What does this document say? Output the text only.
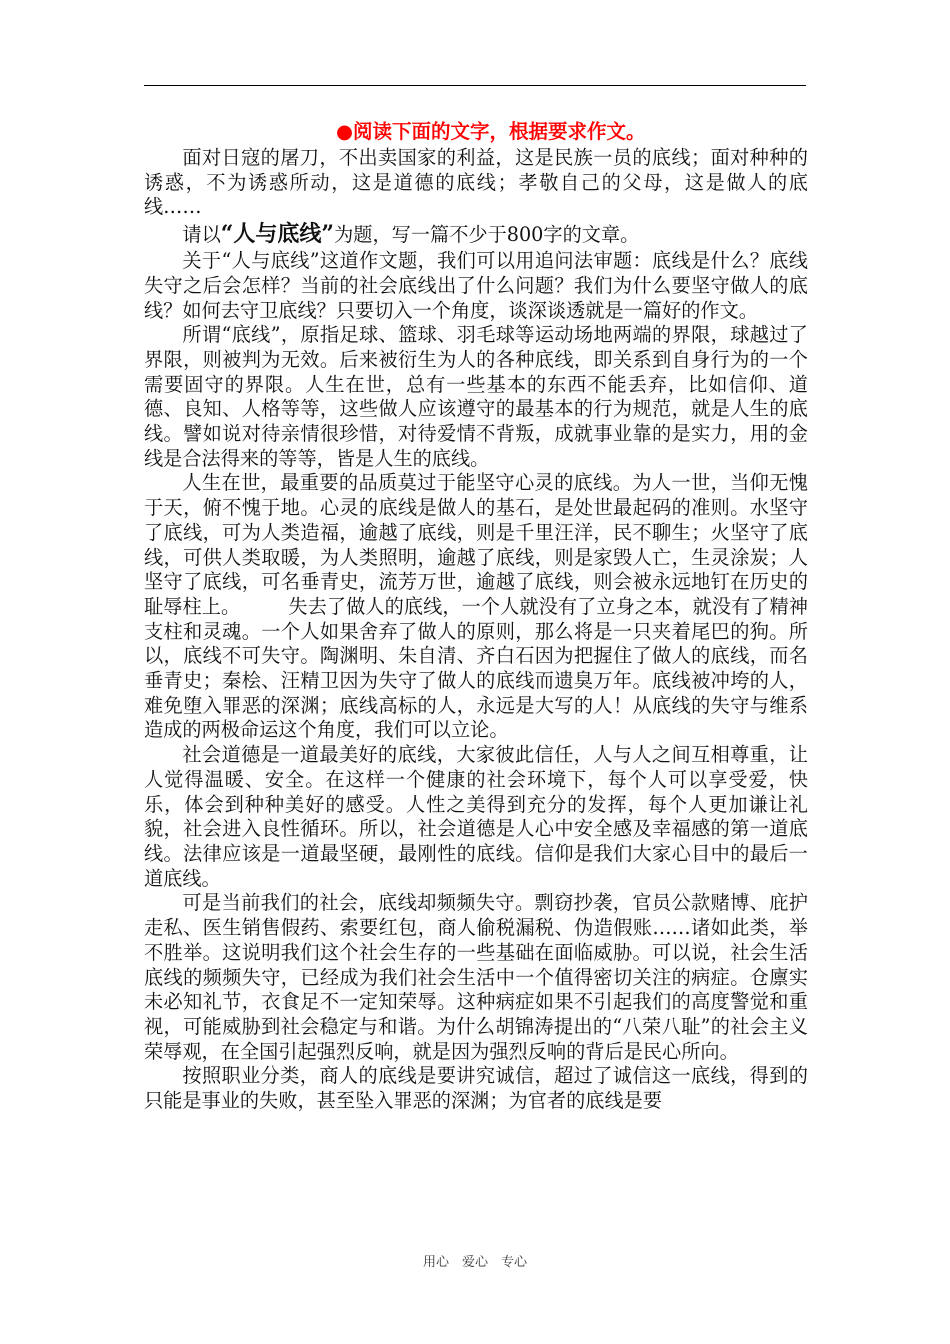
●阅读下面的文字，根据要求作文。

面对日寇的屠刀，不出卖国家的利益，这是民族一员的底线；面对种种的诱惑，不为诱惑所动，这是道德的底线；孝敬自己的父母，这是做人的底线……

请以“人与底线”为题，写一篇不少于800字的文章。

关于“人与底线”这道作文题，我们可以用追问法审题：底线是什么？底线失守之后会怎样？当前的社会底线出了什么问题？我们为什么要坚守做人的底线？如何去守卫底线？只要切入一个角度，谈深谈透就是一篇好的作文。

所谓“底线”，原指足球、篮球、羽毛球等运动场地两端的界限，球越过了界限，则被判为无效。后来被衍生为人的各种底线，即关系到自身行为的一个需要固守的界限。人生在世，总有一些基本的东西不能丢弃，比如信仰、道德、良知、人格等等，这些做人应该遵守的最基本的行为规范，就是人生的底线。譬如说对待亲情很珍惜，对待爱情不背叛，成就事业靠的是实力，用的金线是合法得来的等等，皆是人生的底线。

人生在世，最重要的品质莫过于能坚守心灵的底线。为人一世，当仰无愧于天，俯不愧于地。心灵的底线是做人的基石，是处世最起码的准则。水坚守了底线，可为人类造福，逾越了底线，则是千里汪洋，民不聊生；火坚守了底线，可供人类取暖，为人类照明，逾越了底线，则是家毁人亡，生灵涂炭；人坚守了底线，可名垂青史，流芳万世，逾越了底线，则会被永远地钉在历史的耻辱柱上。　　　失去了做人的底线，一个人就没有了立身之本，就没有了精神支柱和灵魂。一个人如果舍弃了做人的原则，那么将是一只夹着尾巴的狗。所以，底线不可失守。陶渊明、朱自清、齐白石因为把握住了做人的底线，而名垂青史；秦桧、汪精卫因为失守了做人的底线而遗臭万年。底线被冲垮的人，难免堕入罪恶的深渊；底线高标的人，永远是大写的人！从底线的失守与维系造成的两极命运这个角度，我们可以立论。

社会道德是一道最美好的底线，大家彼此信任，人与人之间互相尊重，让人觉得温暖、安全。在这样一个健康的社会环境下，每个人可以享受爱，快乐，体会到种种美好的感受。人性之美得到充分的发挥，每个人更加谦让礼貌，社会进入良性循环。所以，社会道德是人心中安全感及幸福感的第一道底线。法律应该是一道最坚硬，最刚性的底线。信仰是我们大家心目中的最后一道底线。

可是当前我们的社会，底线却频频失守。剽窃抄袭，官员公款赌博、庇护走私、医生销售假药、索要红包，商人偷税漏税、伪造假账……诸如此类，举不胜举。这说明我们这个社会生存的一些基础在面临威胁。可以说，社会生活底线的频频失守，已经成为我们社会生活中一个值得密切关注的病症。仓廪实未必知礼节，衣食足不一定知荣辱。这种病症如果不引起我们的高度警觉和重视，可能威胁到社会稳定与和谐。为什么胡锦涛提出的“八荣八耻”的社会主义荣辱观，在全国引起强烈反响，就是因为强烈反响的背后是民心所向。

按照职业分类，商人的底线是要讲究诚信，超过了诚信这一底线，得到的只能是事业的失败，甚至坠入罪恶的深渊；为官者的底线是要

用心　爱心　专心
